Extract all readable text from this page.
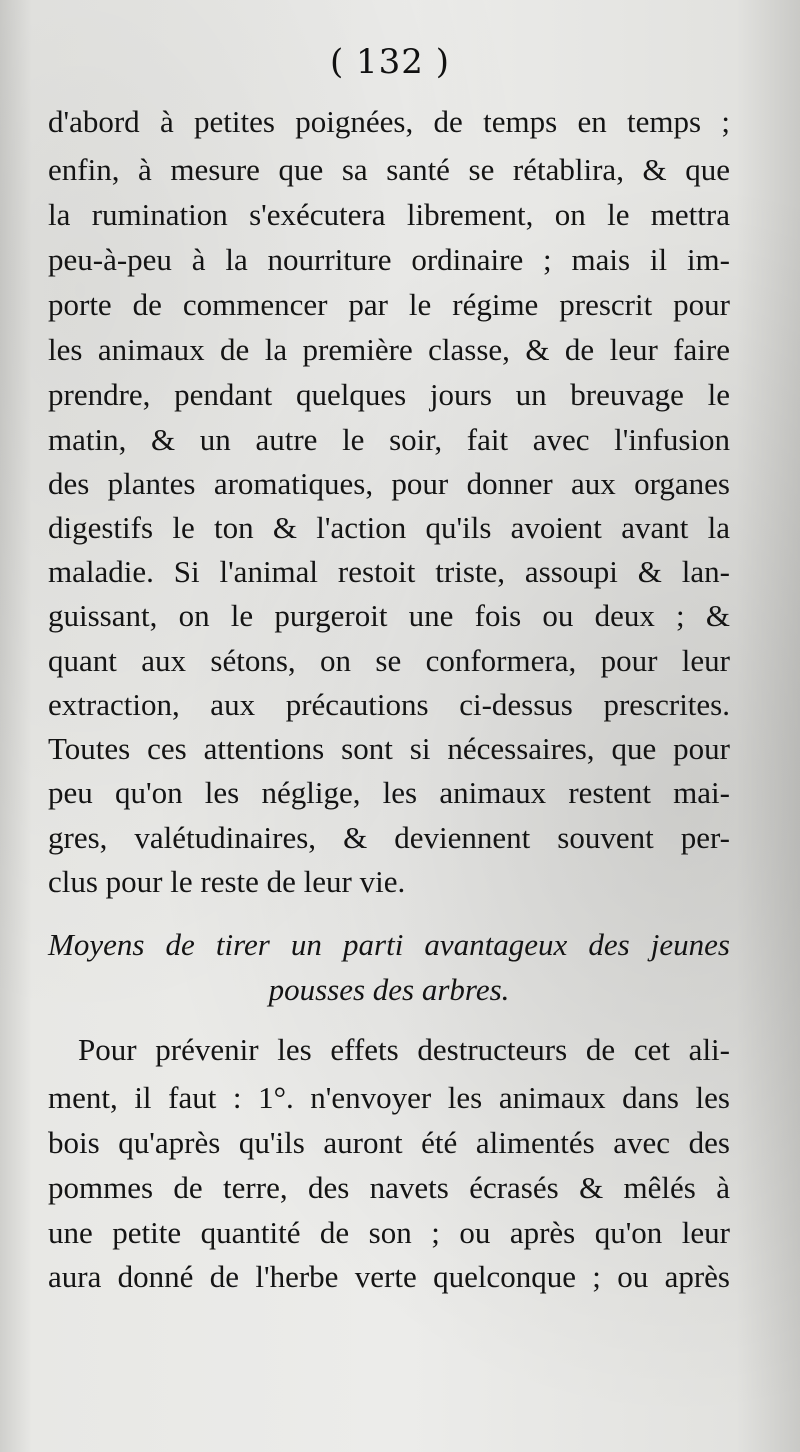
( 132 )
d'abord à petites poignées, de temps en temps ;
enfin, à mesure que sa santé se rétablira, & que
la rumination s'exécutera librement, on le mettra
peu-à-peu à la nourriture ordinaire ; mais il im-
porte de commencer par le régime prescrit pour
les animaux de la première classe, & de leur faire
prendre, pendant quelques jours un breuvage le
matin, & un autre le soir, fait avec l'infusion
des plantes aromatiques, pour donner aux organes
digestifs le ton & l'action qu'ils avoient avant la
maladie. Si l'animal restoit triste, assoupi & lan-
guissant, on le purgeroit une fois ou deux ; &
quant aux sétons, on se conformera, pour leur
extraction, aux précautions ci-dessus prescrites.
Toutes ces attentions sont si nécessaires, que pour
peu qu'on les néglige, les animaux restent mai-
gres, valétudinaires, & deviennent souvent per-
clus pour le reste de leur vie.
Moyens de tirer un parti avantageux des jeunes
pousses des arbres.
Pour prévenir les effets destructeurs de cet ali-
ment, il faut : 1°. n'envoyer les animaux dans les
bois qu'après qu'ils auront été alimentés avec des
pommes de terre, des navets écrasés & mêlés à
une petite quantité de son ; ou après qu'on leur
aura donné de l'herbe verte quelconque ; ou après
